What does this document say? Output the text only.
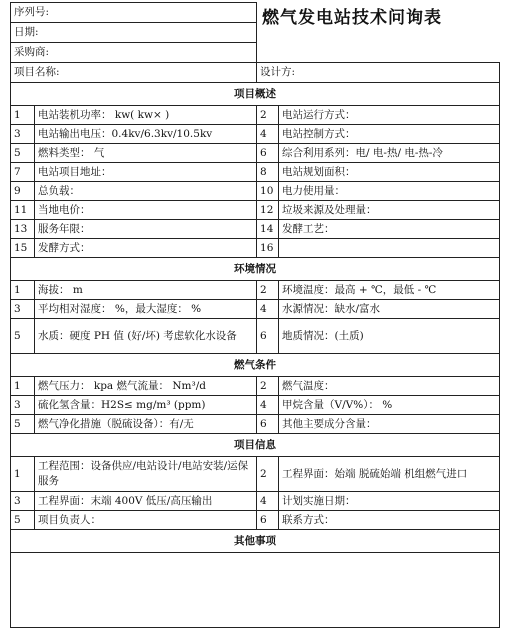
序列号:		燃气发电站技术问询表	
日期:			
采购商:			
项目名称:		设计方:	
项目概述			
1	电站装机功率： kw( kw× )	2	电站运行方式：
3	电站输出电压：0.4kv/6.3kv/10.5kv	4	电站控制方式：
5	燃料类型： 气	6	综合利用系列：电/ 电-热/ 电-热-冷
7	电站项目地址：	8	电站规划面积：
9	总负载：	10	电力使用量：
11	当地电价：	12	垃圾来源及处理量：
13	服务年限：	14	发酵工艺：
15	发酵方式：	16	
环境情况			
1	海拔： m	2	环境温度：最高 + ℃，最低 - ℃
3	平均相对湿度： %，最大湿度： %	4	水源情况：缺水/富水
5	水质：硬度 PH 值 (好/坏) 考虑软化水设备	6	地质情况：(土质)
燃气条件			
1	燃气压力： kpa 燃气流量： Nm³/d	2	燃气温度：
3	硫化氢含量：H2S≤ mg/m³ (ppm)	4	甲烷含量（V/V%）： %
5	燃气净化措施（脱硫设备）：有/无	6	其他主要成分含量：
项目信息			
1	工程范围：设备供应/电站设计/电站安装/运保服务	2	工程界面：始端 脱硫始端 机组燃气进口
3	工程界面：末端 400V 低压/高压输出	4	计划实施日期：
5	项目负责人：	6	联系方式：
其他事项			
